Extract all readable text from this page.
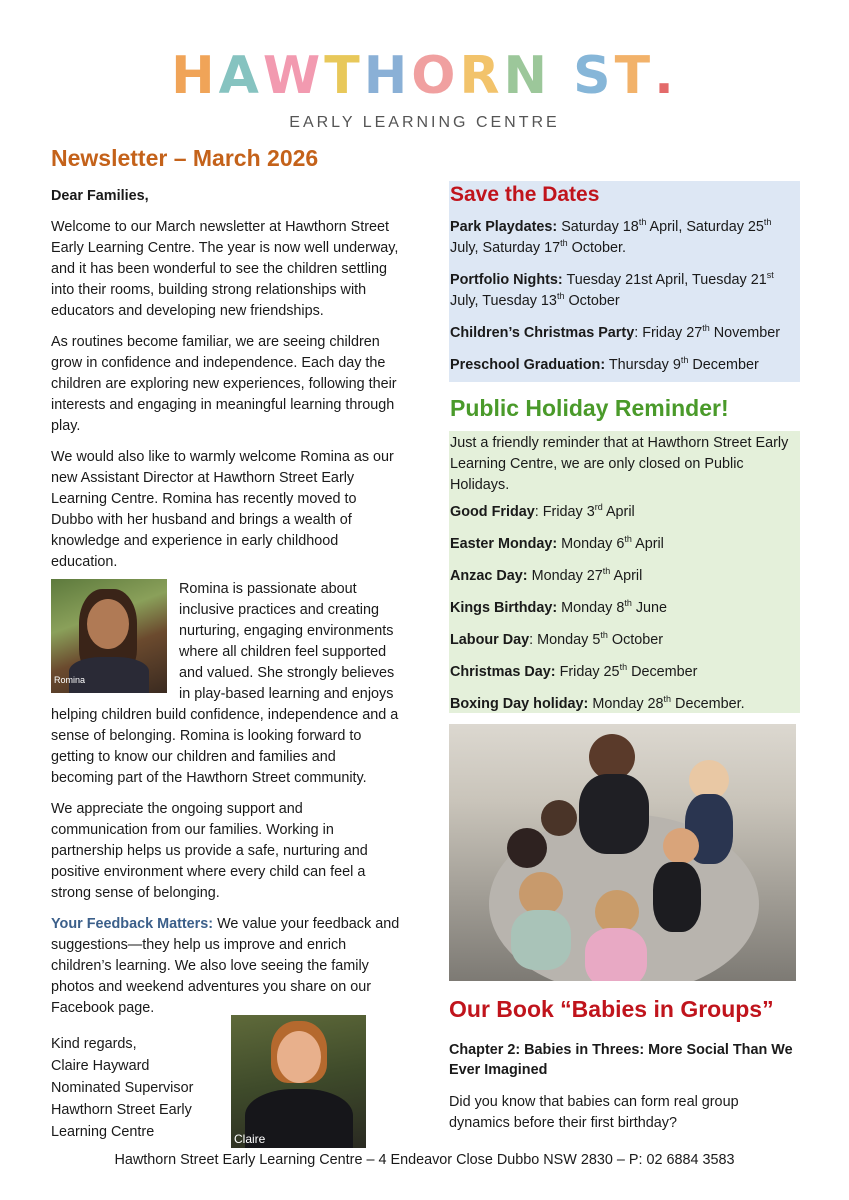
HAWTHORN ST.
EARLY LEARNING CENTRE
Newsletter – March 2026

Dear Families,

Welcome to our March newsletter at Hawthorn Street Early Learning Centre. The year is now well underway, and it has been wonderful to see the children settling into their rooms, building strong relationships with educators and developing new friendships.

As routines become familiar, we are seeing children grow in confidence and independence. Each day the children are exploring new experiences, following their interests and engaging in meaningful learning through play.

We would also like to warmly welcome Romina as our new Assistant Director at Hawthorn Street Early Learning Centre. Romina has recently moved to Dubbo with her husband and brings a wealth of knowledge and experience in early childhood education.

Romina

Romina is passionate about inclusive practices and creating nurturing, engaging environments where all children feel supported and valued. She strongly believes in play-based learning and enjoys helping children build confidence, independence and a sense of belonging. Romina is looking forward to getting to know our children and families and becoming part of the Hawthorn Street community.

We appreciate the ongoing support and communication from our families. Working in partnership helps us provide a safe, nurturing and positive environment where every child can feel a strong sense of belonging.

Your Feedback Matters: We value your feedback and suggestions—they help us improve and enrich children’s learning. We also love seeing the family photos and weekend adventures you share on our Facebook page.

Kind regards,
Claire Hayward
Nominated Supervisor
Hawthorn Street Early
Learning Centre	Claire
Save the Dates
Park Playdates: Saturday 18th April, Saturday 25th July, Saturday 17th October.
Portfolio Nights: Tuesday 21st April, Tuesday 21st July, Tuesday 13th October
Children’s Christmas Party: Friday 27th November
Preschool Graduation: Thursday 9th December
Public Holiday Reminder!
Just a friendly reminder that at Hawthorn Street Early Learning Centre, we are only closed on Public Holidays.
Good Friday: Friday 3rd April
Easter Monday: Monday 6th April
Anzac Day: Monday 27th April
Kings Birthday: Monday 8th June
Labour Day: Monday 5th October
Christmas Day: Friday 25th December
Boxing Day holiday: Monday 28th December.
Our Book “Babies in Groups”
Chapter 2: Babies in Threes: More Social Than We Ever Imagined
Did you know that babies can form real group dynamics before their first birthday?
Hawthorn Street Early Learning Centre – 4 Endeavor Close Dubbo NSW 2830 – P: 02 6884 3583
